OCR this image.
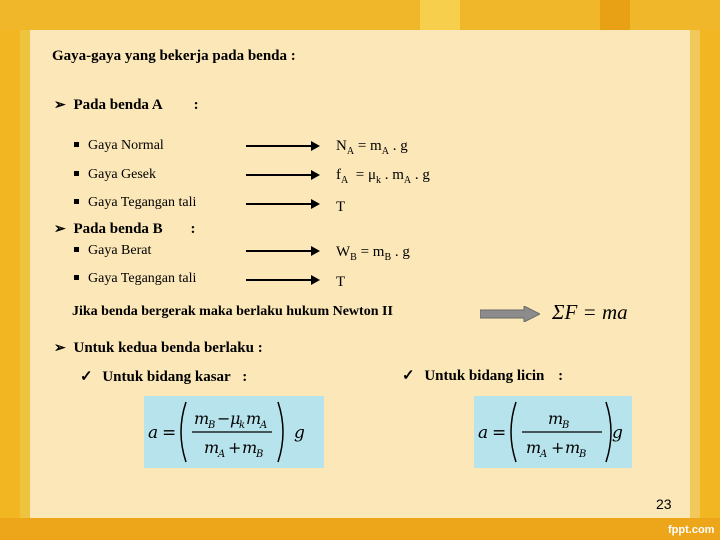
Gaya-gaya yang bekerja pada benda :
➢ Pada benda A :
Gaya Normal	$N_A = m_A$ . g
Gaya Gesek	$f_A = \mu_k$ . $m_A$ . g
Gaya Tegangan tali	T
➢ Pada benda B :
Gaya Berat	$W_B = m_B$ . g
Gaya Tegangan tali	T
Jika benda bergerak maka berlaku hukum Newton II	ΣF = ma
➢ Untuk kedua benda berlaku :
✓ Untuk bidang kasar :	✓ Untuk bidang licin :
a =
m
B − μ
k m
A
m
A + m
B
g	a =
m
B
m
A + m
B
g
23
fppt.com
